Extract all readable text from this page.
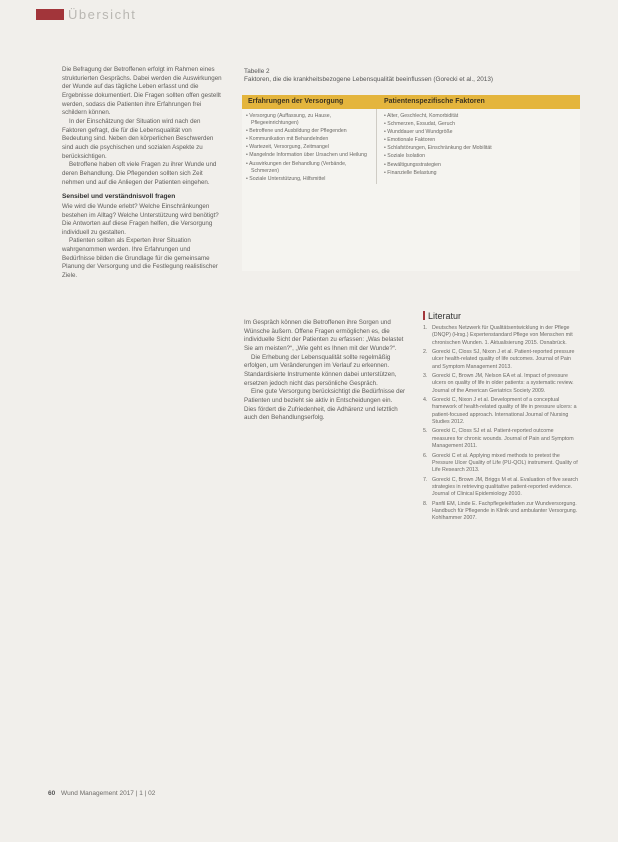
Übersicht

Die Befragung der Betroffenen erfolgt im Rahmen eines strukturierten Gesprächs. Dabei werden die Auswirkungen der Wunde auf das tägliche Leben erfasst und die Ergebnisse dokumentiert. Die Fragen sollten offen gestellt werden, sodass die Patienten ihre Erfahrungen frei schildern können.

In der Einschätzung der Situation wird nach den Faktoren gefragt, die für die Lebensqualität von Bedeutung sind. Neben den körperlichen Beschwerden sind auch die psychischen und sozialen Aspekte zu berücksichtigen.

Betroffene haben oft viele Fragen zu ihrer Wunde und deren Behandlung. Die Pflegenden sollten sich Zeit nehmen und auf die Anliegen der Patienten eingehen.

Sensibel und verständnisvoll fragen

Wie wird die Wunde erlebt? Welche Einschränkungen bestehen im Alltag? Welche Unterstützung wird benötigt? Die Antworten auf diese Fragen helfen, die Versorgung individuell zu gestalten.

Patienten sollten als Experten ihrer Situation wahrgenommen werden. Ihre Erfahrungen und Bedürfnisse bilden die Grundlage für die gemeinsame Planung der Versorgung und die Festlegung realistischer Ziele.

Tabelle 2
Faktoren, die die krankheitsbezogene Lebensqualität beeinflussen (Gorecki et al., 2013)
Erfahrungen der Versorgung	Patientenspezifische Faktoren
• Versorgung (Auffassung, zu Hause, Pflegeeinrichtungen)
• Betroffene und Ausbildung der Pflegenden
• Kommunikation mit Behandelnden
• Wartezeit, Versorgung, Zeitmangel
• Mangelnde Information über Ursachen und Heilung
• Auswirkungen der Behandlung (Verbände, Schmerzen)
• Soziale Unterstützung, Hilfsmittel
• Alter, Geschlecht, Komorbidität
• Schmerzen, Exsudat, Geruch
• Wunddauer und Wundgröße
• Emotionale Faktoren
• Schlafstörungen, Einschränkung der Mobilität
• Soziale Isolation
• Bewältigungsstrategien
• Finanzielle Belastung

Im Gespräch können die Betroffenen ihre Sorgen und Wünsche äußern. Offene Fragen ermöglichen es, die individuelle Sicht der Patienten zu erfassen: „Was belastet Sie am meisten?“, „Wie geht es Ihnen mit der Wunde?“.

Die Erhebung der Lebensqualität sollte regelmäßig erfolgen, um Veränderungen im Verlauf zu erkennen. Standardisierte Instrumente können dabei unterstützen, ersetzen jedoch nicht das persönliche Gespräch.

Eine gute Versorgung berücksichtigt die Bedürfnisse der Patienten und bezieht sie aktiv in Entscheidungen ein. Dies fördert die Zufriedenheit, die Adhärenz und letztlich auch den Behandlungserfolg.

Literatur
1. Deutsches Netzwerk für Qualitätsentwicklung in der Pflege (DNQP) (Hrsg.) Expertenstandard Pflege von Menschen mit chronischen Wunden. 1. Aktualisierung 2015. Osnabrück.
2. Gorecki C, Closs SJ, Nixon J et al. Patient-reported pressure ulcer health-related quality of life outcomes. Journal of Pain and Symptom Management 2013.
3. Gorecki C, Brown JM, Nelson EA et al. Impact of pressure ulcers on quality of life in older patients: a systematic review. Journal of the American Geriatrics Society 2009.
4. Gorecki C, Nixon J et al. Development of a conceptual framework of health-related quality of life in pressure ulcers: a patient-focused approach. International Journal of Nursing Studies 2012.
5. Gorecki C, Closs SJ et al. Patient-reported outcome measures for chronic wounds. Journal of Pain and Symptom Management 2011.
6. Gorecki C et al. Applying mixed methods to pretest the Pressure Ulcer Quality of Life (PU-QOL) instrument. Quality of Life Research 2013.
7. Gorecki C, Brown JM, Briggs M et al. Evaluation of five search strategies in retrieving qualitative patient-reported evidence. Journal of Clinical Epidemiology 2010.
8. Panfil EM, Linde E. Fachpflegeleitfaden zur Wundversorgung. Handbuch für Pflegende in Klinik und ambulanter Versorgung. Kohlhammer 2007.
60 Wund Management 2017 | 1 | 02
